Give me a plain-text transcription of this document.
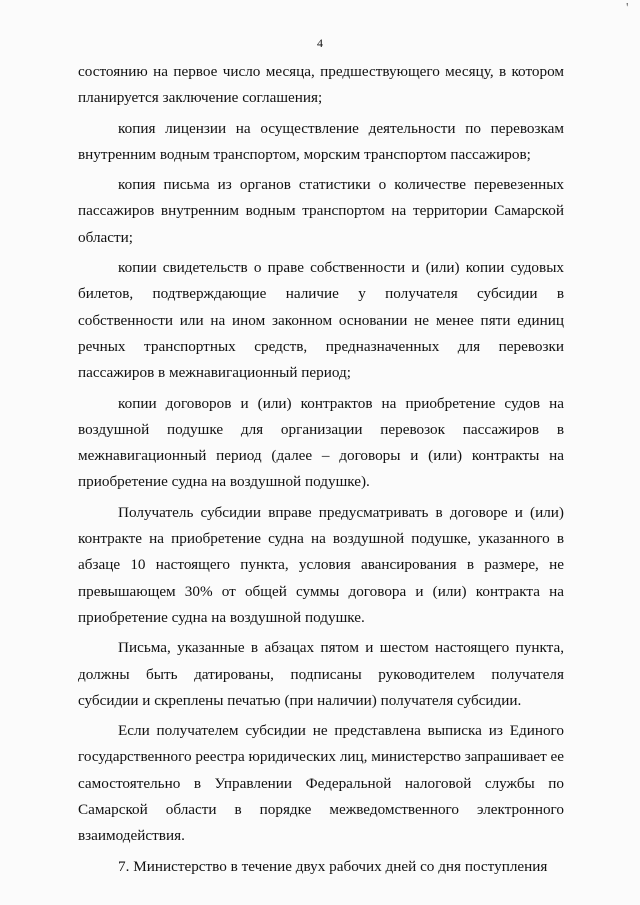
'
4

состоянию на первое число месяца, предшествующего месяцу, в котором планируется заключение соглашения;

копия лицензии на осуществление деятельности по перевозкам внутренним водным транспортом, морским транспортом пассажиров;

копия письма из органов статистики о количестве перевезенных пассажиров внутренним водным транспортом на территории Самарской области;

копии свидетельств о праве собственности и (или) копии судовых билетов, подтверждающие наличие у получателя субсидии в собственности или на ином законном основании не менее пяти единиц речных транспортных средств, предназначенных для перевозки пассажиров в межнавигационный период;

копии договоров и (или) контрактов на приобретение судов на воздушной подушке для организации перевозок пассажиров в межнавигационный период (далее – договоры и (или) контракты на приобретение судна на воздушной подушке).

Получатель субсидии вправе предусматривать в договоре и (или) контракте на приобретение судна на воздушной подушке, указанного в абзаце 10 настоящего пункта, условия авансирования в размере, не превышающем 30% от общей суммы договора и (или) контракта на приобретение судна на воздушной подушке.

Письма, указанные в абзацах пятом и шестом настоящего пункта, должны быть датированы, подписаны руководителем получателя субсидии и скреплены печатью (при наличии) получателя субсидии.

Если получателем субсидии не представлена выписка из Единого государственного реестра юридических лиц, министерство запрашивает ее самостоятельно в Управлении Федеральной налоговой службы по Самарской области в порядке межведомственного электронного взаимодействия.

7. Министерство в течение двух рабочих дней со дня поступления
